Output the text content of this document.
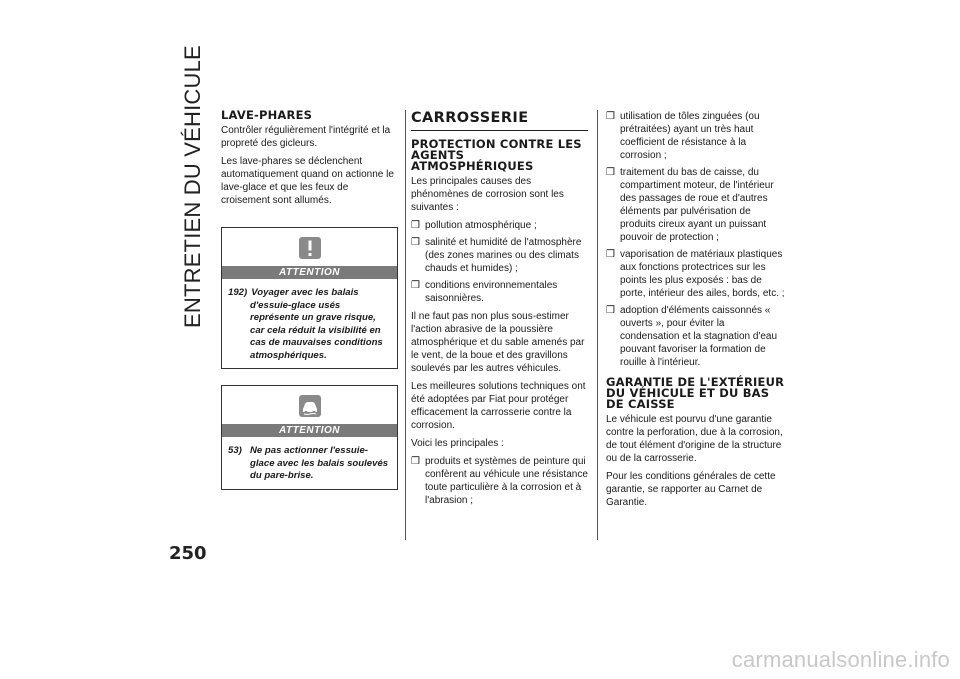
ENTRETIEN DU VÉHICULE LAVE-PHARES

Contrôler régulièrement l'intégrité et la propreté des gicleurs.

Les lave-phares se déclenchent automatiquement quand on actionne le lave-glace et que les feux de croisement sont allumés.

ATTENTION
192) Voyager avec les balais d'essuie-glace usés représente un grave risque, car cela réduit la visibilité en cas de mauvaises conditions atmosphériques.
ATTENTION
53) Ne pas actionner l'essuie-glace avec les balais soulevés du pare-brise.
CARROSSERIE
PROTECTION CONTRE LES AGENTS ATMOSPHÉRIQUES

Les principales causes des phénomènes de corrosion sont les suivantes :

❒ pollution atmosphérique ;
❒ salinité et humidité de l'atmosphère (des zones marines ou des climats chauds et humides) ;
❒ conditions environnementales saisonnières.

Il ne faut pas non plus sous-estimer l'action abrasive de la poussière atmosphérique et du sable amenés par le vent, de la boue et des gravillons soulevés par les autres véhicules.

Les meilleures solutions techniques ont été adoptées par Fiat pour protéger efficacement la carrosserie contre la corrosion.

Voici les principales :

❒ produits et systèmes de peinture qui confèrent au véhicule une résistance toute particulière à la corrosion et à l'abrasion ;
❒ utilisation de tôles zinguées (ou prétraitées) ayant un très haut coefficient de résistance à la corrosion ;
❒ traitement du bas de caisse, du compartiment moteur, de l'intérieur des passages de roue et d'autres éléments par pulvérisation de produits cireux ayant un puissant pouvoir de protection ;
❒ vaporisation de matériaux plastiques aux fonctions protectrices sur les points les plus exposés : bas de porte, intérieur des ailes, bords, etc. ;
❒ adoption d'éléments caissonnés « ouverts », pour éviter la condensation et la stagnation d'eau pouvant favoriser la formation de rouille à l'intérieur.
GARANTIE DE L'EXTÉRIEUR DU VÉHICULE ET DU BAS DE CAISSE

Le véhicule est pourvu d'une garantie contre la perforation, due à la corrosion, de tout élément d'origine de la structure ou de la carrosserie.

Pour les conditions générales de cette garantie, se rapporter au Carnet de Garantie.

250
carmanualsonline.info
